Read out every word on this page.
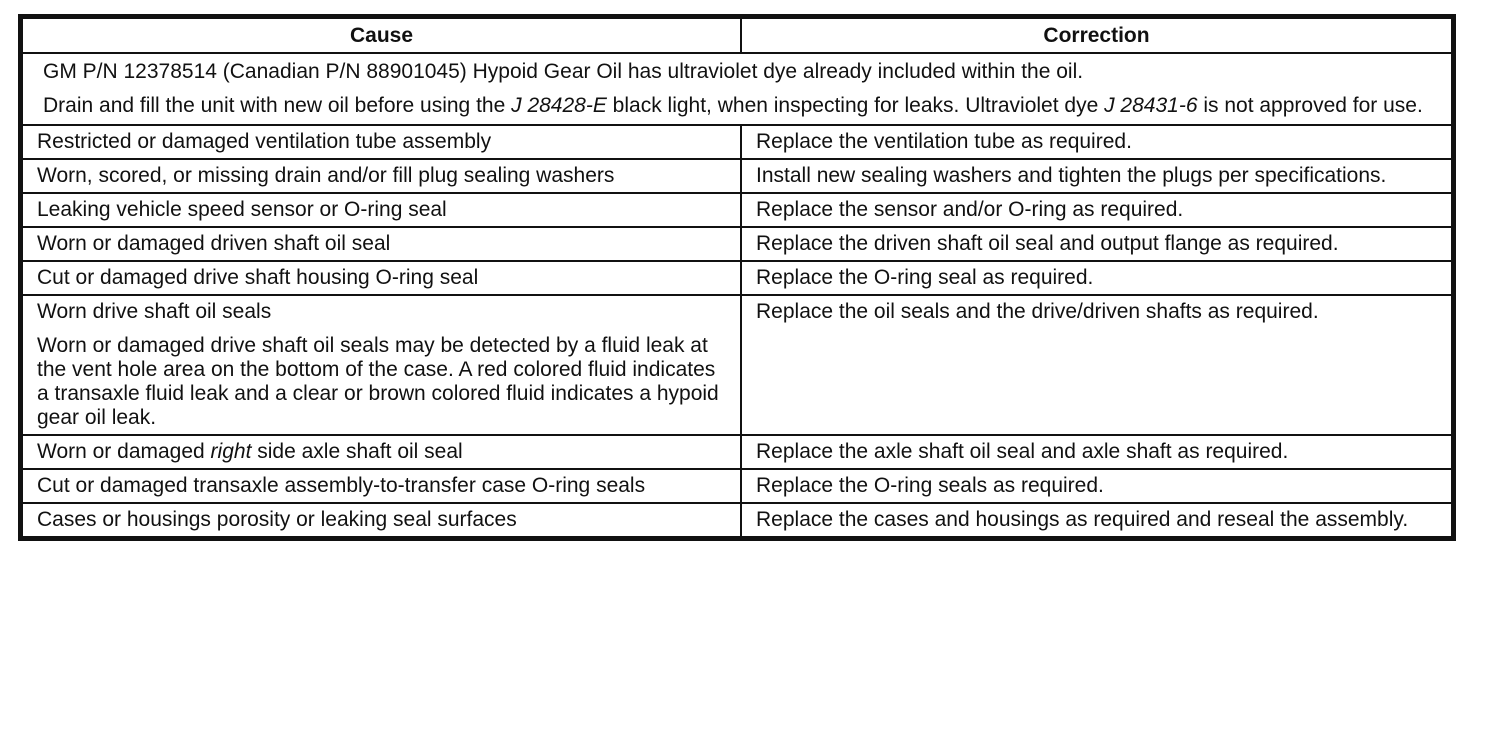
Cause	Correction

GM P/N 12378514 (Canadian P/N 88901045) Hypoid Gear Oil has ultraviolet dye already included within the oil.

Drain and fill the unit with new oil before using the J 28428-E black light, when inspecting for leaks. Ultraviolet dye J 28431-6 is not approved for use.	

Restricted or damaged ventilation tube assembly	Replace the ventilation tube as required.
Worn, scored, or missing drain and/or fill plug sealing washers	Install new sealing washers and tighten the plugs per specifications.
Leaking vehicle speed sensor or O-ring seal	Replace the sensor and/or O-ring as required.
Worn or damaged driven shaft oil seal	Replace the driven shaft oil seal and output flange as required.
Cut or damaged drive shaft housing O-ring seal	Replace the O-ring seal as required.

Worn drive shaft oil seals

Worn or damaged drive shaft oil seals may be detected by a fluid leak at the vent hole area on the bottom of the case. A red colored fluid indicates a transaxle fluid leak and a clear or brown colored fluid indicates a hypoid gear oil leak.	Replace the oil seals and the drive/driven shafts as required.
Worn or damaged right side axle shaft oil seal	Replace the axle shaft oil seal and axle shaft as required.
Cut or damaged transaxle assembly-to-transfer case O-ring seals	Replace the O-ring seals as required.
Cases or housings porosity or leaking seal surfaces	Replace the cases and housings as required and reseal the assembly.
